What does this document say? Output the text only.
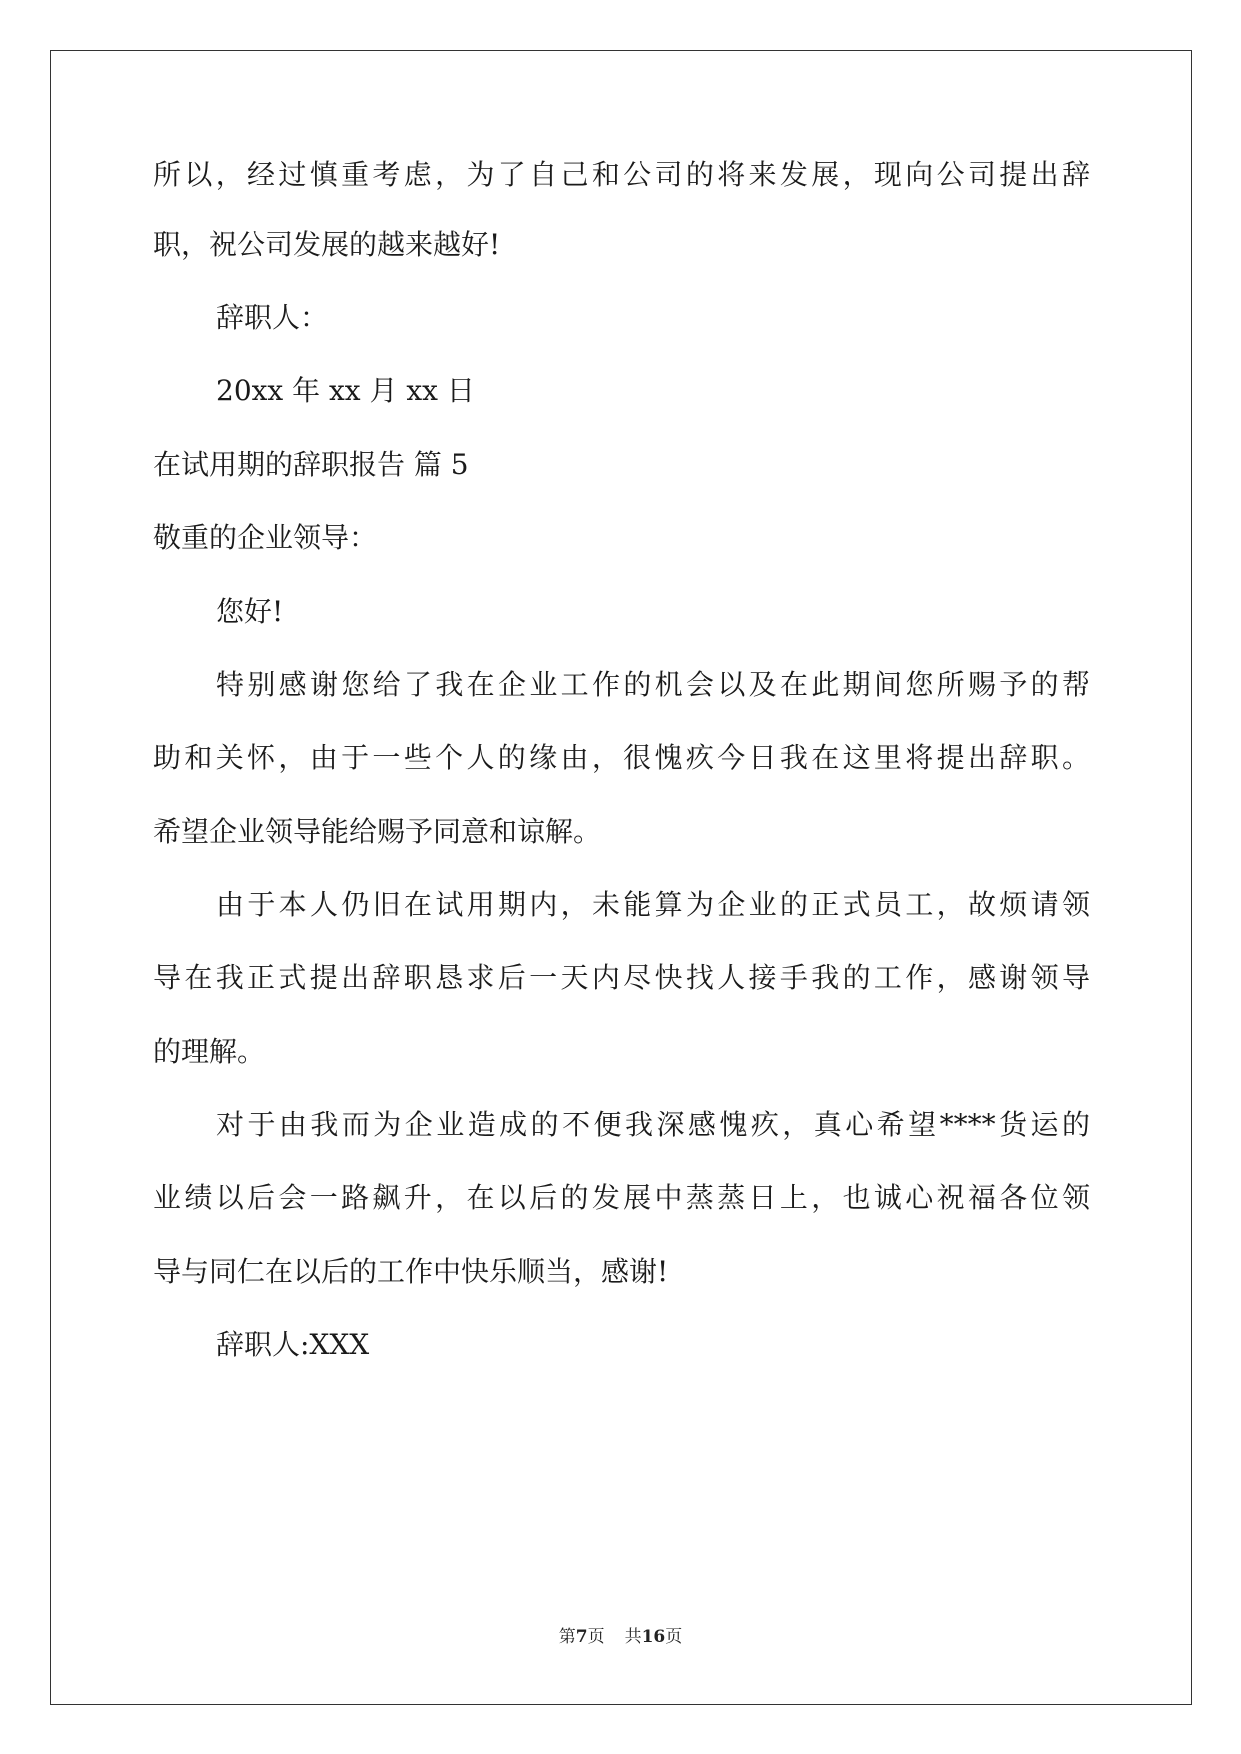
所以，经过慎重考虑，为了自己和公司的将来发展，现向公司提出辞
职，祝公司发展的越来越好!
辞职人：
20xx 年 xx 月 xx 日
在试用期的辞职报告 篇 5
敬重的企业领导：
您好!
特别感谢您给了我在企业工作的机会以及在此期间您所赐予的帮
助和关怀，由于一些个人的缘由，很愧疚今日我在这里将提出辞职。
希望企业领导能给赐予同意和谅解。
由于本人仍旧在试用期内，未能算为企业的正式员工，故烦请领
导在我正式提出辞职恳求后一天内尽快找人接手我的工作，感谢领导
的理解。
对于由我而为企业造成的不便我深感愧疚，真心希望****货运的
业绩以后会一路飙升，在以后的发展中蒸蒸日上，也诚心祝福各位领
导与同仁在以后的工作中快乐顺当，感谢!
辞职人:XXX
第7页 共16页
